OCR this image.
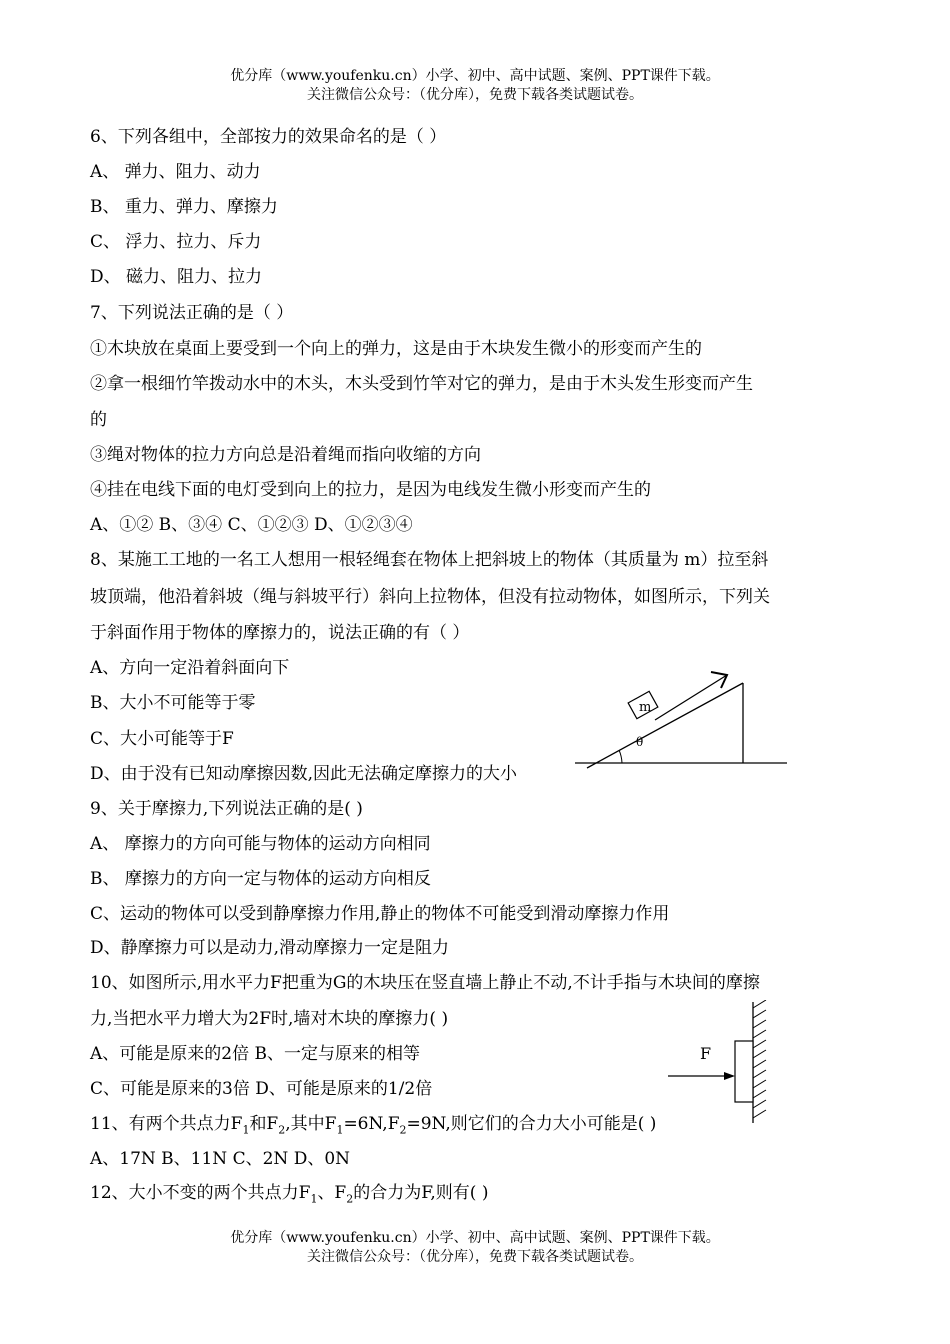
优分库（www.youfenku.cn）小学、初中、高中试题、案例、PPT课件下载。
关注微信公众号：（优分库），免费下载各类试题试卷。
6、下列各组中，全部按力的效果命名的是（ ）
A、 弹力、阻力、动力
B、 重力、弹力、摩擦力
C、 浮力、拉力、斥力
D、 磁力、阻力、拉力
7、下列说法正确的是（ ）
①木块放在桌面上要受到一个向上的弹力，这是由于木块发生微小的形变而产生的
②拿一根细竹竿拨动水中的木头，木头受到竹竿对它的弹力，是由于木头发生形变而产生
的
③绳对物体的拉力方向总是沿着绳而指向收缩的方向
④挂在电线下面的电灯受到向上的拉力，是因为电线发生微小形变而产生的
A、①② B、③④ C、①②③ D、①②③④
8、某施工工地的一名工人想用一根轻绳套在物体上把斜坡上的物体（其质量为 m）拉至斜
坡顶端，他沿着斜坡（绳与斜坡平行）斜向上拉物体，但没有拉动物体，如图所示，下列关
于斜面作用于物体的摩擦力的，说法正确的有（ ）
A、方向一定沿着斜面向下
B、大小不可能等于零
C、大小可能等于F
D、由于没有已知动摩擦因数,因此无法确定摩擦力的大小
m
θ
9、关于摩擦力,下列说法正确的是( )
A、 摩擦力的方向可能与物体的运动方向相同
B、 摩擦力的方向一定与物体的运动方向相反
C、运动的物体可以受到静摩擦力作用,静止的物体不可能受到滑动摩擦力作用
D、静摩擦力可以是动力,滑动摩擦力一定是阻力
10、如图所示,用水平力F把重为G的木块压在竖直墙上静止不动,不计手指与木块间的摩擦
力,当把水平力增大为2F时,墙对木块的摩擦力( )
A、可能是原来的2倍 B、一定与原来的相等
C、可能是原来的3倍 D、可能是原来的1/2倍
F
11、有两个共点力$F_1$和$F_2$,其中$F_1=6N,F_2=9N$,则它们的合力大小可能是( )
A、17N B、11N C、2N D、0N
12、大小不变的两个共点力$F_1$、$F_2$的合力为F,则有( )
优分库（www.youfenku.cn）小学、初中、高中试题、案例、PPT课件下载。
关注微信公众号：（优分库），免费下载各类试题试卷。
